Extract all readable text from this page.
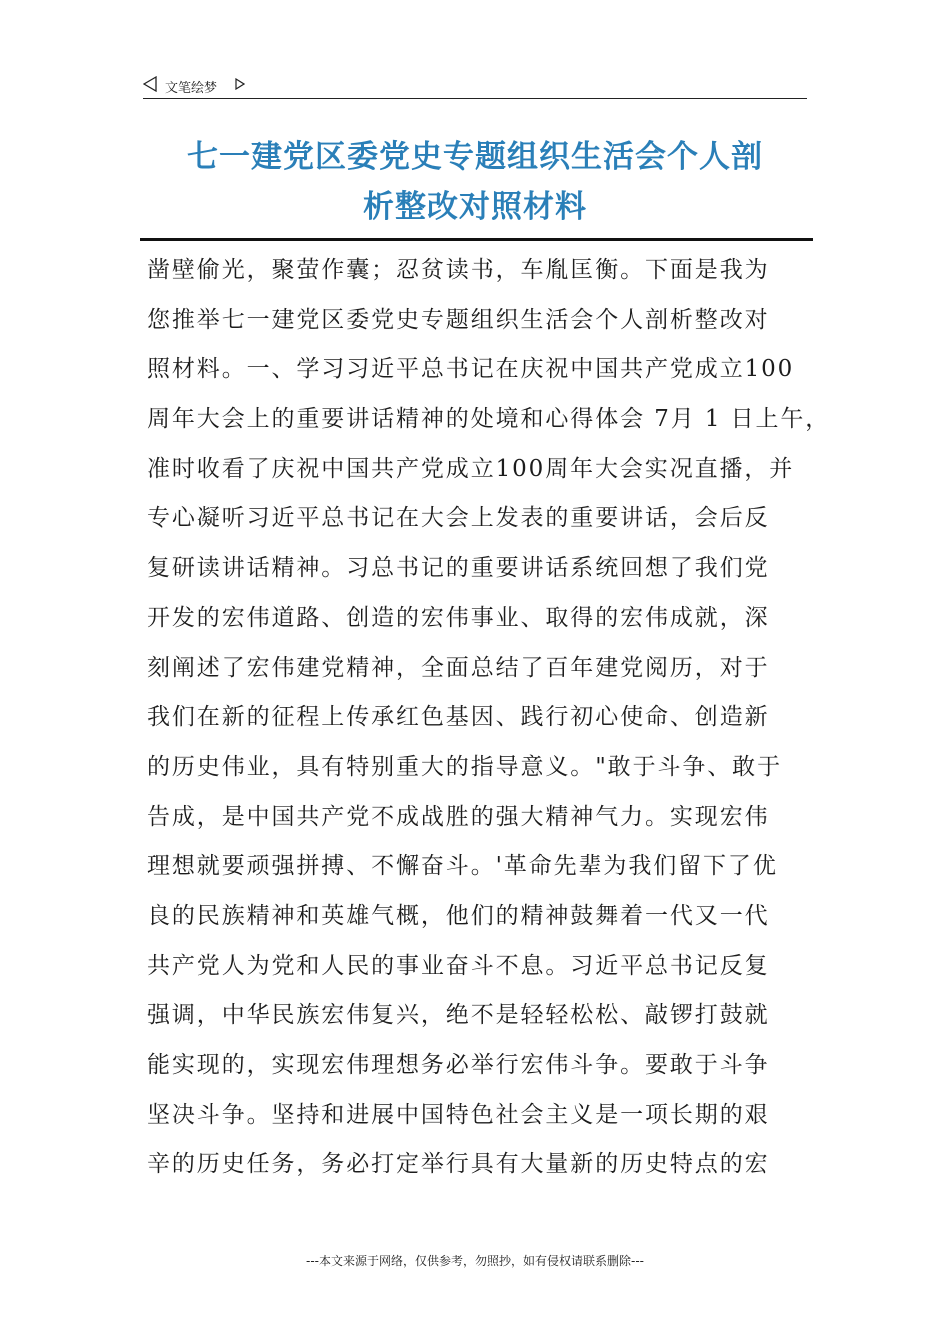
文笔绘梦
七一建党区委党史专题组织生活会个人剖
析整改对照材料
凿壁偷光，聚萤作囊；忍贫读书，车胤匡衡。下面是我为
您推举七一建党区委党史专题组织生活会个人剖析整改对
照材料。一、学习习近平总书记在庆祝中国共产党成立100
周年大会上的重要讲话精神的处境和心得体会 7月 1 日上午，
准时收看了庆祝中国共产党成立100周年大会实况直播，并
专心凝听习近平总书记在大会上发表的重要讲话，会后反
复研读讲话精神。习总书记的重要讲话系统回想了我们党
开发的宏伟道路、创造的宏伟事业、取得的宏伟成就，深
刻阐述了宏伟建党精神，全面总结了百年建党阅历，对于
我们在新的征程上传承红色基因、践行初心使命、创造新
的历史伟业，具有特别重大的指导意义。"敢于斗争、敢于
告成，是中国共产党不成战胜的强大精神气力。实现宏伟
理想就要顽强拼搏、不懈奋斗。'革命先辈为我们留下了优
良的民族精神和英雄气概，他们的精神鼓舞着一代又一代
共产党人为党和人民的事业奋斗不息。习近平总书记反复
强调，中华民族宏伟复兴，绝不是轻轻松松、敲锣打鼓就
能实现的，实现宏伟理想务必举行宏伟斗争。要敢于斗争
坚决斗争。坚持和进展中国特色社会主义是一项长期的艰
辛的历史任务，务必打定举行具有大量新的历史特点的宏
---本文来源于网络，仅供参考，勿照抄，如有侵权请联系删除---
